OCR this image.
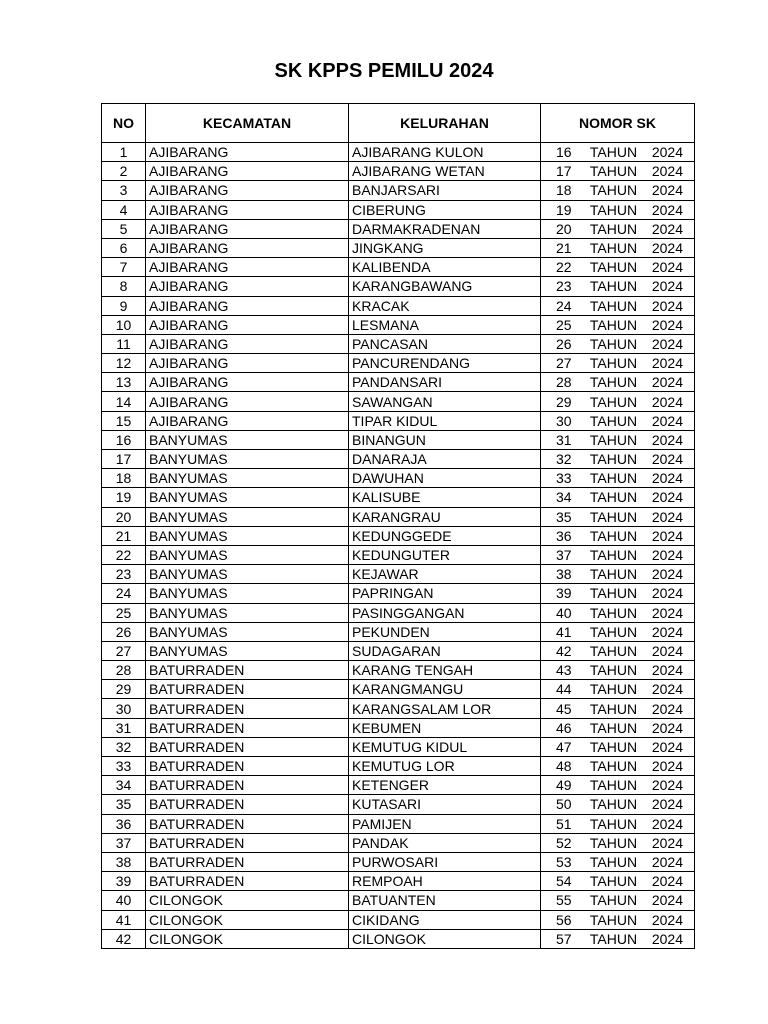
SK KPPS PEMILU 2024
NO	KECAMATAN	KELURAHAN	NOMOR SK
1	AJIBARANG	AJIBARANG KULON	16 TAHUN 2024

2	AJIBARANG	AJIBARANG WETAN	17 TAHUN 2024

3	AJIBARANG	BANJARSARI	18 TAHUN 2024

4	AJIBARANG	CIBERUNG	19 TAHUN 2024

5	AJIBARANG	DARMAKRADENAN	20 TAHUN 2024

6	AJIBARANG	JINGKANG	21 TAHUN 2024

7	AJIBARANG	KALIBENDA	22 TAHUN 2024

8	AJIBARANG	KARANGBAWANG	23 TAHUN 2024

9	AJIBARANG	KRACAK	24 TAHUN 2024

10	AJIBARANG	LESMANA	25 TAHUN 2024

11	AJIBARANG	PANCASAN	26 TAHUN 2024

12	AJIBARANG	PANCURENDANG	27 TAHUN 2024

13	AJIBARANG	PANDANSARI	28 TAHUN 2024

14	AJIBARANG	SAWANGAN	29 TAHUN 2024

15	AJIBARANG	TIPAR KIDUL	30 TAHUN 2024

16	BANYUMAS	BINANGUN	31 TAHUN 2024

17	BANYUMAS	DANARAJA	32 TAHUN 2024

18	BANYUMAS	DAWUHAN	33 TAHUN 2024

19	BANYUMAS	KALISUBE	34 TAHUN 2024

20	BANYUMAS	KARANGRAU	35 TAHUN 2024

21	BANYUMAS	KEDUNGGEDE	36 TAHUN 2024

22	BANYUMAS	KEDUNGUTER	37 TAHUN 2024

23	BANYUMAS	KEJAWAR	38 TAHUN 2024

24	BANYUMAS	PAPRINGAN	39 TAHUN 2024

25	BANYUMAS	PASINGGANGAN	40 TAHUN 2024

26	BANYUMAS	PEKUNDEN	41 TAHUN 2024

27	BANYUMAS	SUDAGARAN	42 TAHUN 2024

28	BATURRADEN	KARANG TENGAH	43 TAHUN 2024

29	BATURRADEN	KARANGMANGU	44 TAHUN 2024

30	BATURRADEN	KARANGSALAM LOR	45 TAHUN 2024

31	BATURRADEN	KEBUMEN	46 TAHUN 2024

32	BATURRADEN	KEMUTUG KIDUL	47 TAHUN 2024

33	BATURRADEN	KEMUTUG LOR	48 TAHUN 2024

34	BATURRADEN	KETENGER	49 TAHUN 2024

35	BATURRADEN	KUTASARI	50 TAHUN 2024

36	BATURRADEN	PAMIJEN	51 TAHUN 2024

37	BATURRADEN	PANDAK	52 TAHUN 2024

38	BATURRADEN	PURWOSARI	53 TAHUN 2024

39	BATURRADEN	REMPOAH	54 TAHUN 2024

40	CILONGOK	BATUANTEN	55 TAHUN 2024

41	CILONGOK	CIKIDANG	56 TAHUN 2024

42	CILONGOK	CILONGOK	57 TAHUN 2024
